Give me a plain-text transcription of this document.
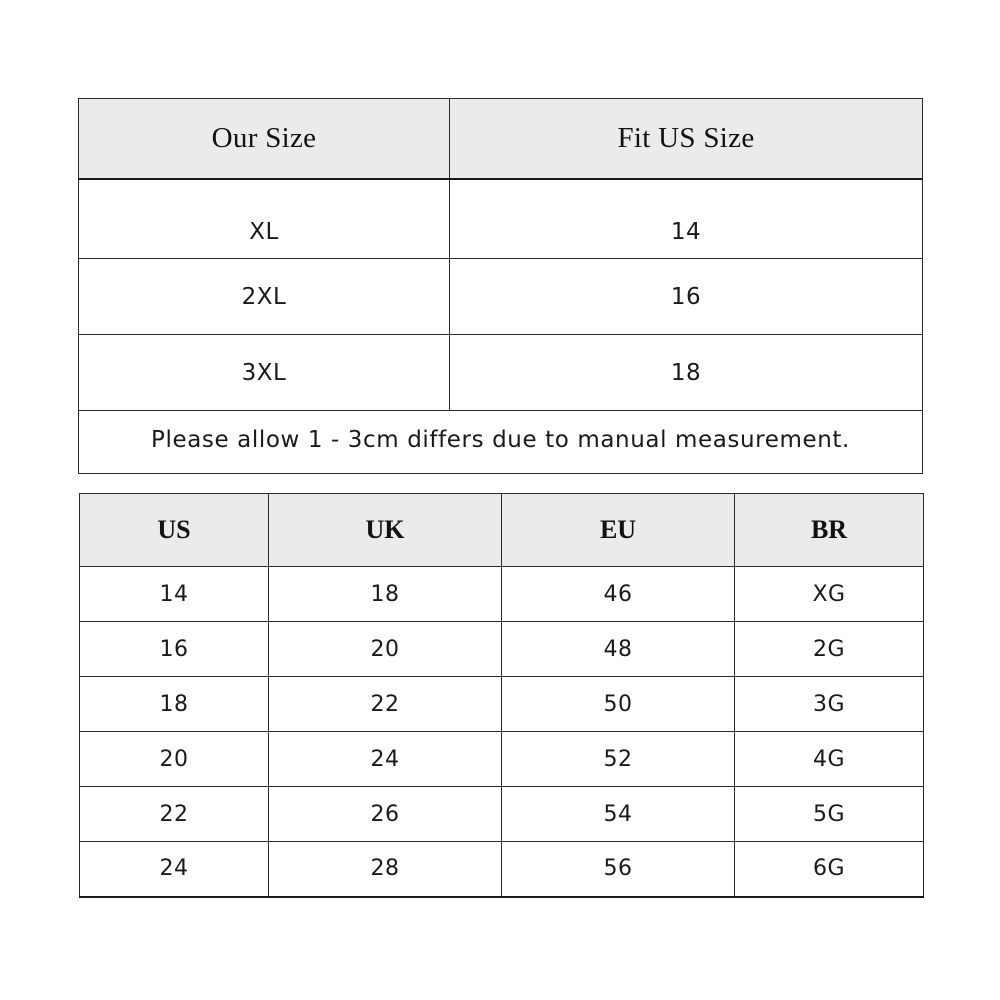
Our Size	Fit US Size
XL	14
2XL	16
3XL	18
Please allow 1 - 3cm differs due to manual measurement.	
US	UK	EU	BR
14	18	46	XG
16	20	48	2G
18	22	50	3G
20	24	52	4G
22	26	54	5G
24	28	56	6G
